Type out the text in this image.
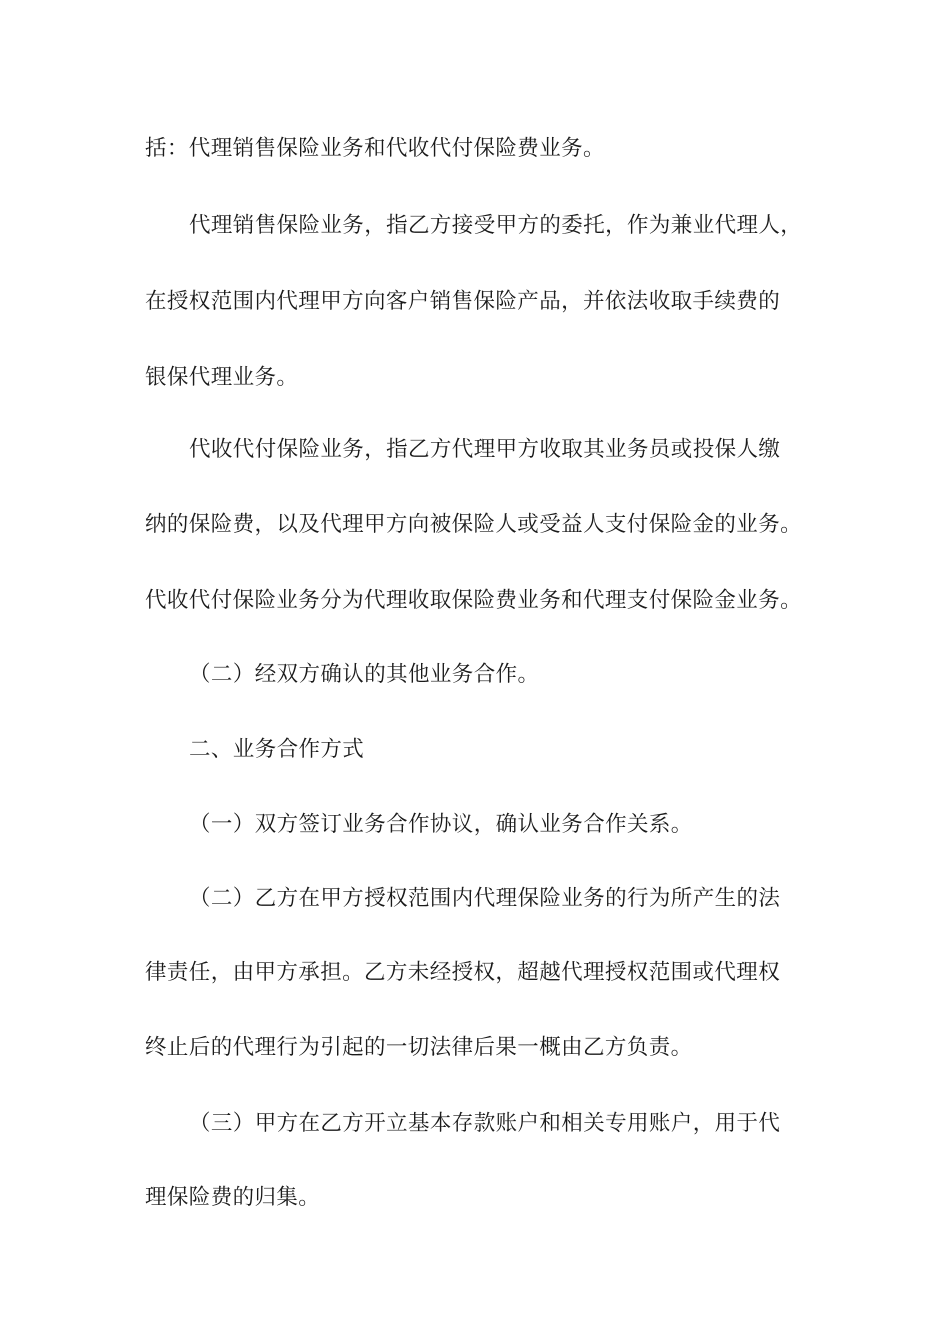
括：代理销售保险业务和代收代付保险费业务。
代理销售保险业务，指乙方接受甲方的委托，作为兼业代理人，
在授权范围内代理甲方向客户销售保险产品，并依法收取手续费的
银保代理业务。
代收代付保险业务，指乙方代理甲方收取其业务员或投保人缴
纳的保险费，以及代理甲方向被保险人或受益人支付保险金的业务。
代收代付保险业务分为代理收取保险费业务和代理支付保险金业务。
（二）经双方确认的其他业务合作。
二、业务合作方式
（一）双方签订业务合作协议，确认业务合作关系。
（二）乙方在甲方授权范围内代理保险业务的行为所产生的法
律责任，由甲方承担。乙方未经授权，超越代理授权范围或代理权
终止后的代理行为引起的一切法律后果一概由乙方负责。
（三）甲方在乙方开立基本存款账户和相关专用账户，用于代
理保险费的归集。
